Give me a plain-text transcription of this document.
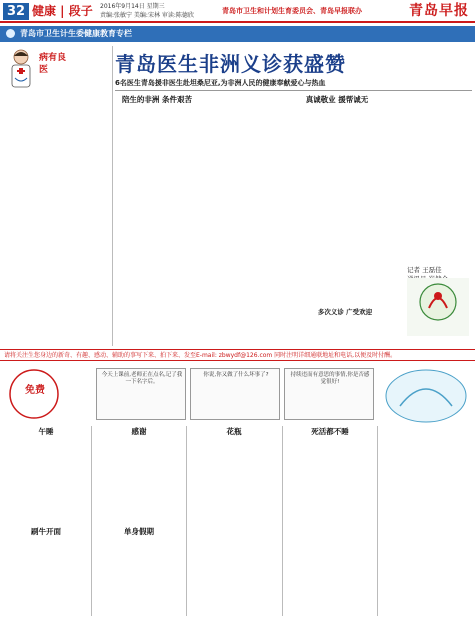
32 健康 | 段子 2016年9月14日 星期三
责编:张敏宁 美编:宋林 审读:陈德欣
青岛市卫生和计划生育委员会、青岛早报联办	青岛早报
青岛市卫生计生委健康教育专栏
病有良医	青岛医生非洲义诊获盛赞
6名医生青岛援非医生赴坦桑尼亚,为非洲人民的健康奉献爱心与热血
陪生的非洲 条件艰苦	真诚敬业 援帮诚无
多次义诊 广受欢迎
记者 王磊佳
通讯员 崔健全
请将关注生您身边的新奇、有趣、感动、辅助的事写下来、拍下来、发至E-mail: zbwydf@126.com 同时注明详细通联地址和电话,以便及时付酬。
免费
今天上课前,老师正在点名,记了我一下名字后。
你说,你又做了什么坏事了?	持续违而有意思的事情,你是否感觉很好!
午睡	感谢	花瓶	死活都不睡
刷牛开面	单身假期
